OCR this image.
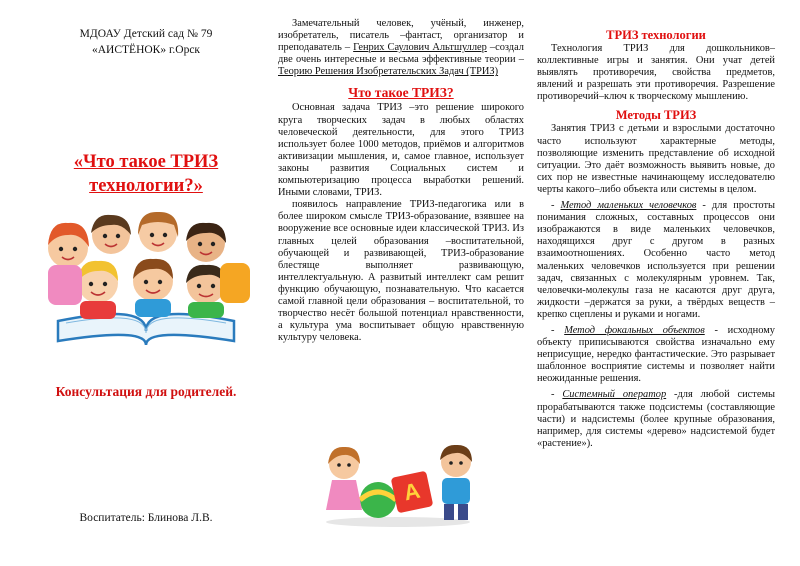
МДОАУ Детский сад № 79
«АИСТЁНОК» г.Орск
«Что такое ТРИЗ
технологии?»
Консультация для родителей.
Воспитатель: Блинова Л.В.

Замечательный человек, учёный, инженер, изобретатель, писатель –фантаст, организатор и преподаватель – Генрих Саулович Альтшуллер –создал две очень интересные и весьма эффективные теории – Теорию Решения Изобретательских Задач (ТРИЗ)

Что такое ТРИЗ?

Основная задача ТРИЗ –это решение широкого круга творческих задач в любых областях человеческой деятельности, для этого ТРИЗ использует более 1000 методов, приёмов и алгоритмов активизации мышления, и, самое главное, использует законы развития Социальных систем и компьютеризацию процесса выработки решений. Иными словами, ТРИЗ.

появилось направление ТРИЗ-педагогика или в более широком смысле ТРИЗ-образование, взявшее на вооружение все основные идеи классической ТРИЗ. Из главных целей образования –воспитательной, обучающей и развивающей, ТРИЗ-образование блестяще выполняет развивающую, интеллектуальную. А развитый интеллект сам решит функцию обучающую, познавательную. Что касается самой главной цели образования – воспитательной, то творчество несёт большой потенциал нравственности, а культура ума воспитывает общую нравственную культуру человека.

А
ТРИЗ технологии

Технология ТРИЗ для дошкольников– коллективные игры и занятия. Они учат детей выявлять противоречия, свойства предметов, явлений и разрешать эти противоречия. Разрешение противоречий–ключ к творческому мышлению.

Методы ТРИЗ

Занятия ТРИЗ с детьми и взрослыми достаточно часто используют характерные методы, позволяющие изменить представление об исходной ситуации. Это даёт возможность выявить новые, до сих пор не известные начинающему исследователю черты какого–либо объекта или системы в целом.

- Метод маленьких человечков - для простоты понимания сложных, составных процессов они изображаются в виде маленьких человечков, находящихся друг с другом в разных взаимоотношениях. Особенно часто метод маленьких человечков используется при решении задач, связанных с молекулярным уровнем. Так, человечки-молекулы газа не касаются друг друга, жидкости –держатся за руки, а твёрдых веществ –крепко сцеплены и руками и ногами.

- Метод фокальных объектов - исходному объекту приписываются свойства изначально ему неприсущие, нередко фантастические. Это разрывает шаблонное восприятие системы и позволяет найти неожиданные решения.

- Системный оператор -для любой системы прорабатываются также подсистемы (составляющие части) и надсистемы (более крупные образования, например, для системы «дерево» надсистемой будет «растение»).
